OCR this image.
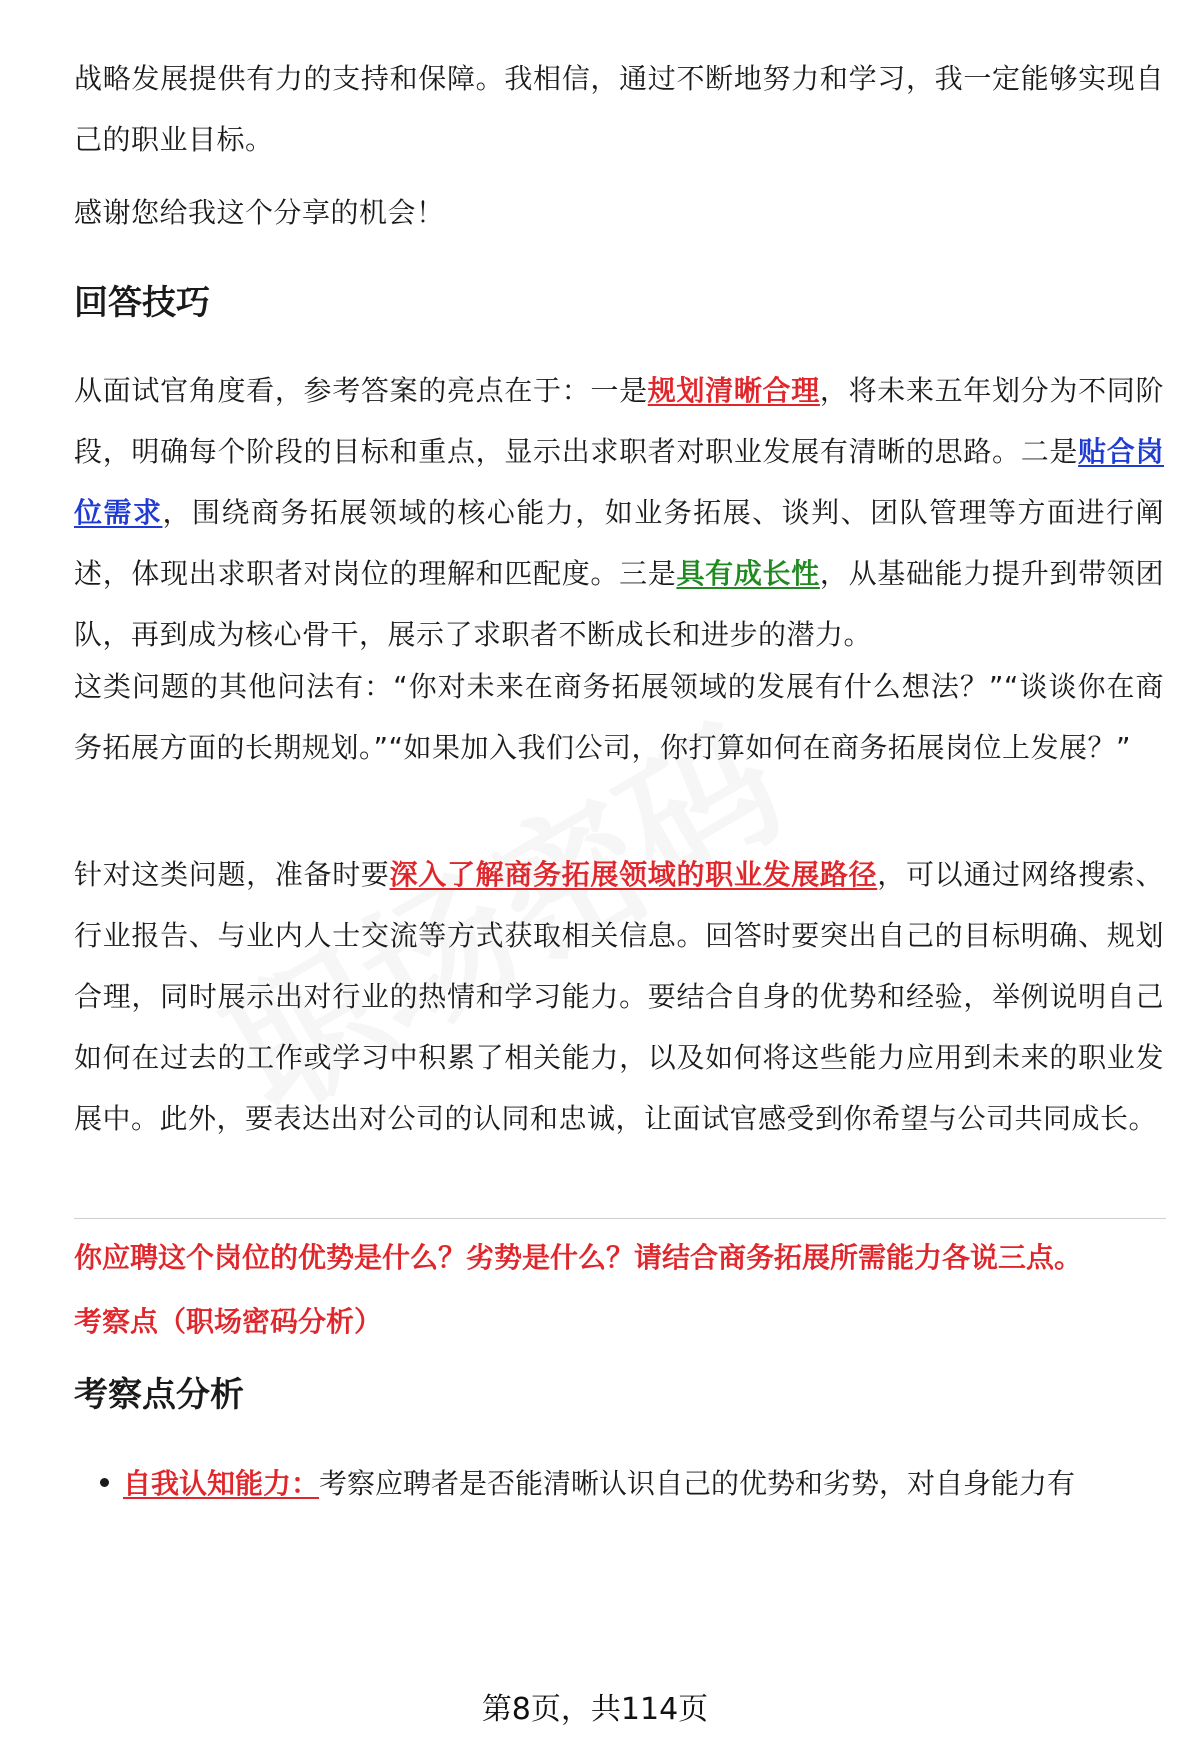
战略发展提供有力的支持和保障。我相信，通过不断地努力和学习，我一定能够实现自己的职业目标。

感谢您给我这个分享的机会！

回答技巧

从面试官角度看，参考答案的亮点在于：一是规划清晰合理，将未来五年划分为不同阶段，明确每个阶段的目标和重点，显示出求职者对职业发展有清晰的思路。二是贴合岗位需求，围绕商务拓展领域的核心能力，如业务拓展、谈判、团队管理等方面进行阐述，体现出求职者对岗位的理解和匹配度。三是具有成长性，从基础能力提升到带领团队，再到成为核心骨干，展示了求职者不断成长和进步的潜力。

这类问题的其他问法有：“你对未来在商务拓展领域的发展有什么想法？”“谈谈你在商务拓展方面的长期规划。”“如果加入我们公司，你打算如何在商务拓展岗位上发展？”

针对这类问题，准备时要深入了解商务拓展领域的职业发展路径，可以通过网络搜索、行业报告、与业内人士交流等方式获取相关信息。回答时要突出自己的目标明确、规划合理，同时展示出对行业的热情和学习能力。要结合自身的优势和经验，举例说明自己如何在过去的工作或学习中积累了相关能力，以及如何将这些能力应用到未来的职业发展中。此外，要表达出对公司的认同和忠诚，让面试官感受到你希望与公司共同成长。

你应聘这个岗位的优势是什么？劣势是什么？请结合商务拓展所需能力各说三点。

考察点（职场密码分析）

考察点分析
自我认知能力：考察应聘者是否能清晰认识自己的优势和劣势，对自身能力有
第8页，共114页
